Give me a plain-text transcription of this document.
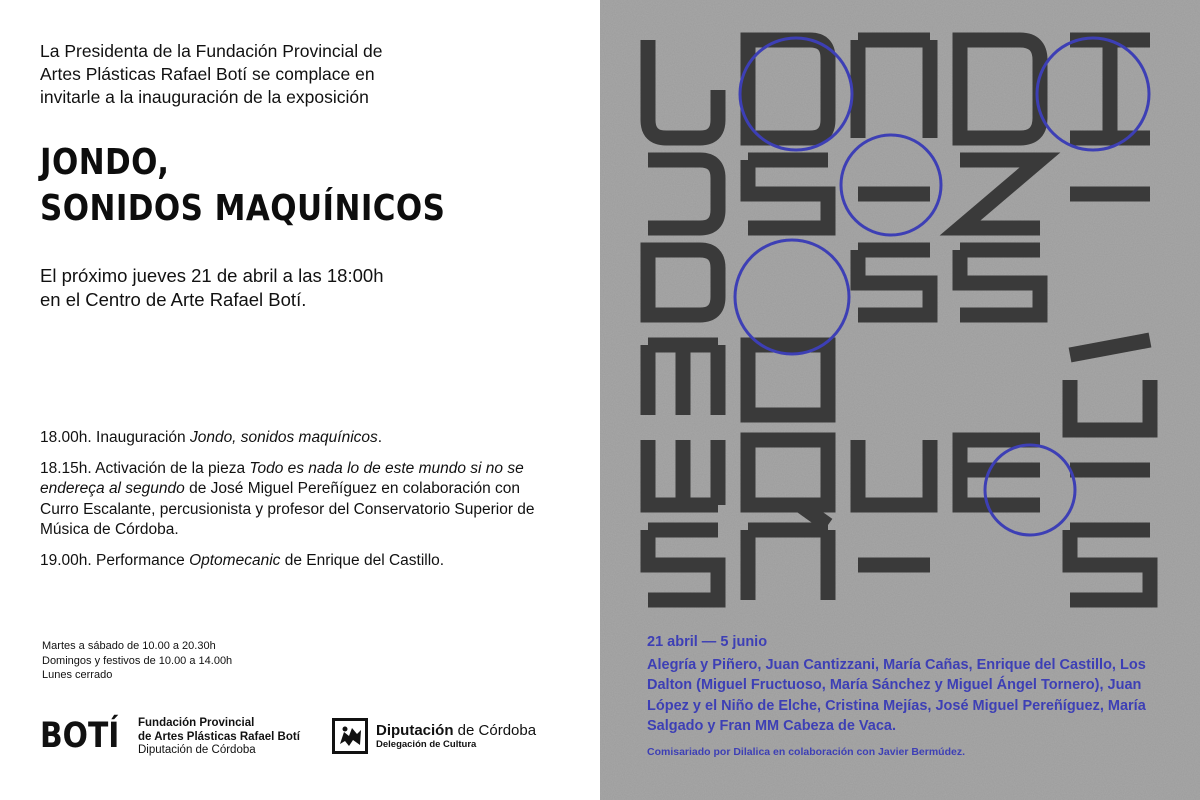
La Presidenta de la Fundación Provincial de
Artes Plásticas Rafael Botí se complace en
invitarle a la inauguración de la exposición
JONDO,
SONIDOS MAQUÍNICOS
El próximo jueves 21 de abril a las 18:00h
en el Centro de Arte Rafael Botí.

18.00h. Inauguración Jondo, sonidos maquínicos.

18.15h. Activación de la pieza Todo es nada lo de este mundo si no se endereça al segundo de José Miguel Pereñíguez en colaboración con Curro Escalante, percusionista y profesor del Conservatorio Superior de Música de Córdoba.

19.00h. Performance Optomecanic de Enrique del Castillo.

Martes a sábado de 10.00 a 20.30h
Domingos y festivos de 10.00 a 14.00h
Lunes cerrado
BOTÍ Fundación Provincial
de Artes Plásticas Rafael Botí
Diputación de Córdoba
Diputación de Córdoba
Delegación de Cultura
21 abril — 5 junio
Alegría y Piñero, Juan Cantizzani, María Cañas, Enrique del Castillo, Los Dalton (Miguel Fructuoso, María Sánchez y Miguel Ángel Tornero), Juan López y el Niño de Elche, Cristina Mejías, José Miguel Pereñíguez, María Salgado y Fran MM Cabeza de Vaca.
Comisariado por Dilalica en colaboración con Javier Bermúdez.
